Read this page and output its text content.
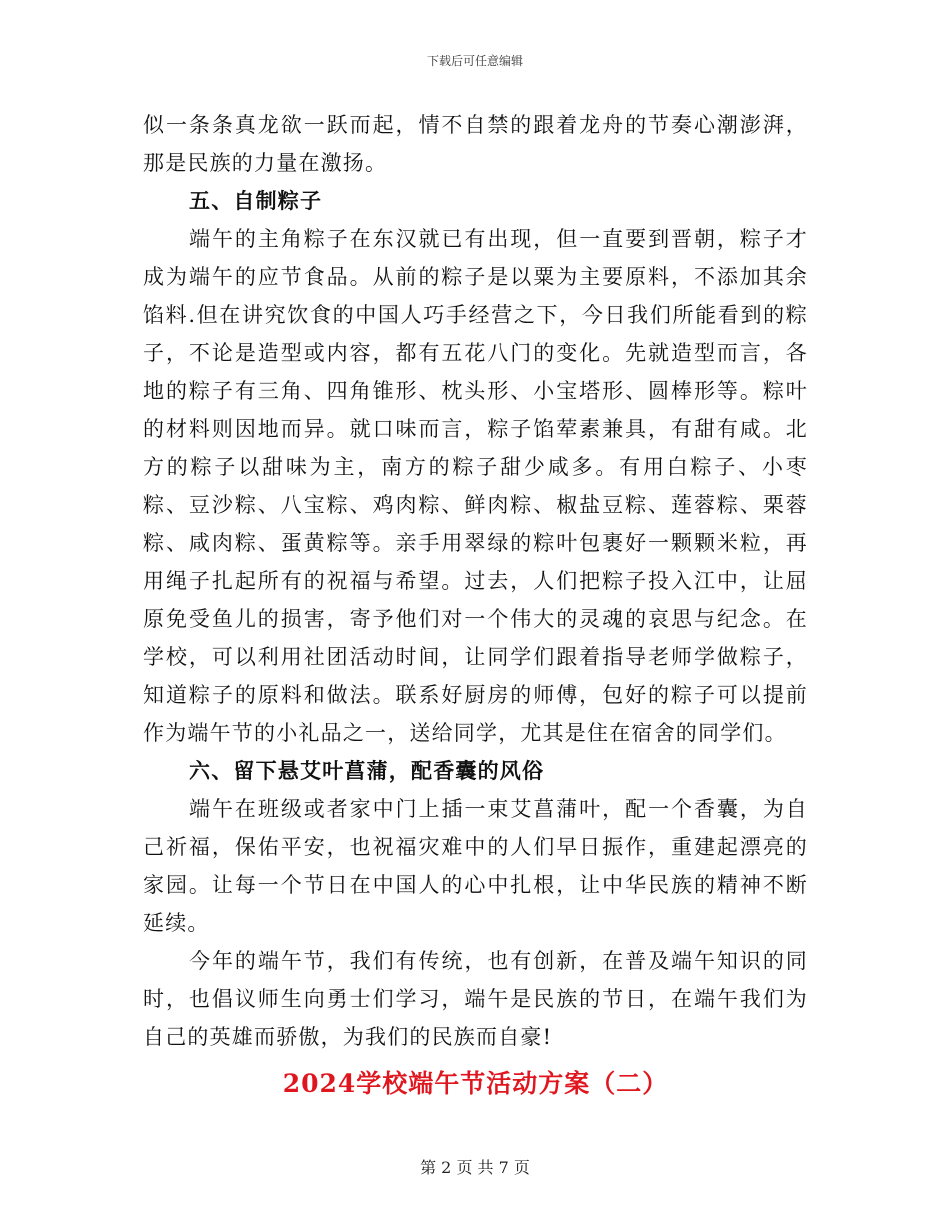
下载后可任意编辑

似一条条真龙欲一跃而起，情不自禁的跟着龙舟的节奏心潮澎湃，那是民族的力量在激扬。

五、自制粽子

端午的主角粽子在东汉就已有出现，但一直要到晋朝，粽子才成为端午的应节食品。从前的粽子是以粟为主要原料，不添加其余馅料.但在讲究饮食的中国人巧手经营之下，今日我们所能看到的粽子，不论是造型或内容，都有五花八门的变化。先就造型而言，各地的粽子有三角、四角锥形、枕头形、小宝塔形、圆棒形等。粽叶的材料则因地而异。就口味而言，粽子馅荤素兼具，有甜有咸。北方的粽子以甜味为主，南方的粽子甜少咸多。有用白粽子、小枣粽、豆沙粽、八宝粽、鸡肉粽、鲜肉粽、椒盐豆粽、莲蓉粽、栗蓉粽、咸肉粽、蛋黄粽等。亲手用翠绿的粽叶包裹好一颗颗米粒，再用绳子扎起所有的祝福与希望。过去，人们把粽子投入江中，让屈原免受鱼儿的损害，寄予他们对一个伟大的灵魂的哀思与纪念。在学校，可以利用社团活动时间，让同学们跟着指导老师学做粽子，知道粽子的原料和做法。联系好厨房的师傅，包好的粽子可以提前作为端午节的小礼品之一，送给同学，尤其是住在宿舍的同学们。

六、留下悬艾叶菖蒲，配香囊的风俗

端午在班级或者家中门上插一束艾菖蒲叶，配一个香囊，为自己祈福，保佑平安，也祝福灾难中的人们早日振作，重建起漂亮的家园。让每一个节日在中国人的心中扎根，让中华民族的精神不断延续。

今年的端午节，我们有传统，也有创新，在普及端午知识的同时，也倡议师生向勇士们学习，端午是民族的节日，在端午我们为自己的英雄而骄傲，为我们的民族而自豪!

2024学校端午节活动方案（二）

第 2 页 共 7 页
